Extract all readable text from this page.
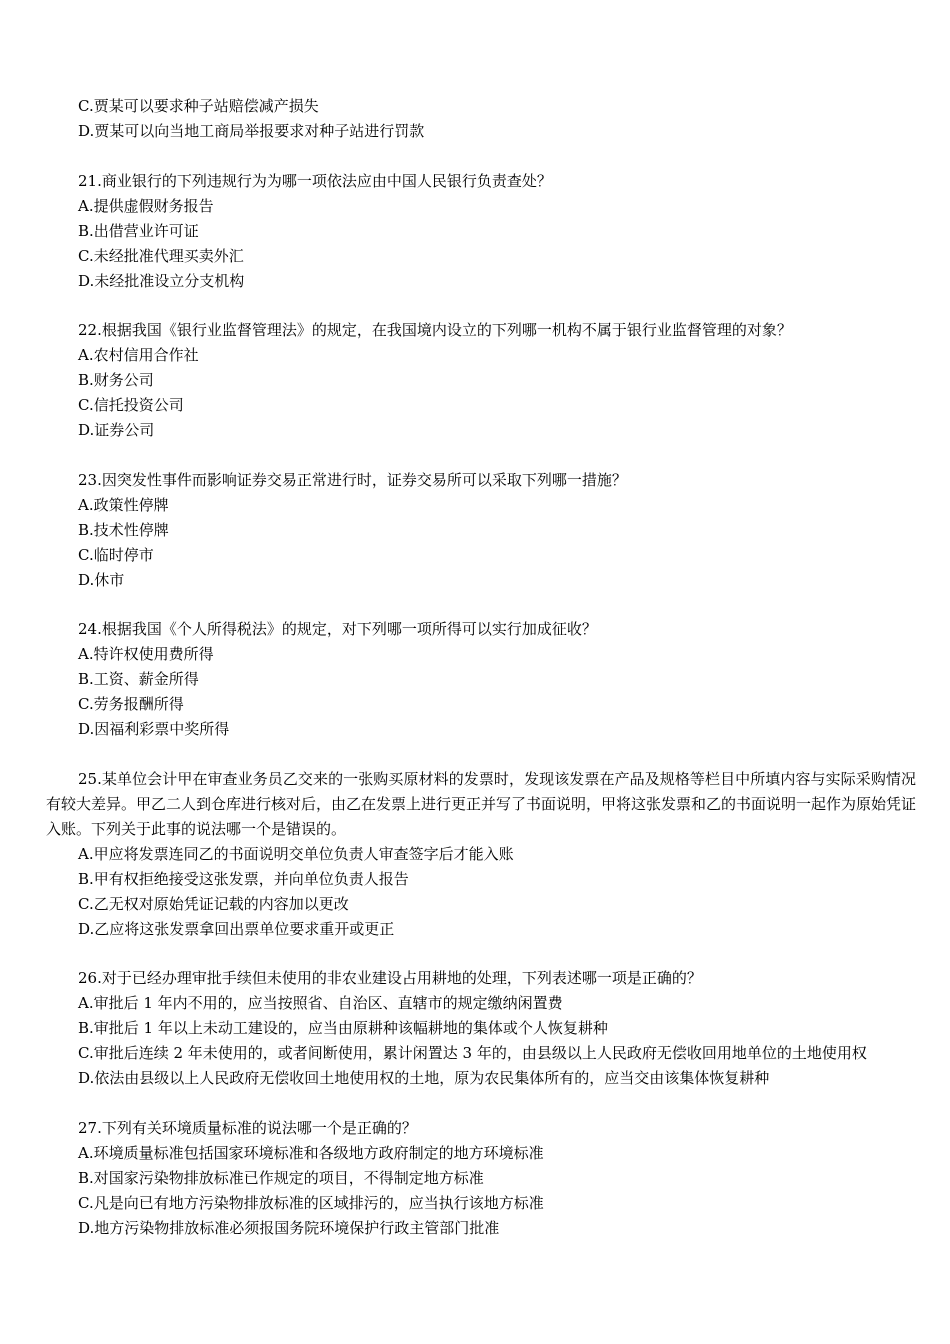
C.贾某可以要求种子站赔偿减产损失
D.贾某可以向当地工商局举报要求对种子站进行罚款
21.商业银行的下列违规行为为哪一项依法应由中国人民银行负责查处？
A.提供虚假财务报告
B.出借营业许可证
C.未经批准代理买卖外汇
D.未经批准设立分支机构
22.根据我国《银行业监督管理法》的规定，在我国境内设立的下列哪一机构不属于银行业监督管理的对象？
A.农村信用合作社
B.财务公司
C.信托投资公司
D.证券公司
23.因突发性事件而影响证券交易正常进行时，证券交易所可以采取下列哪一措施？
A.政策性停牌
B.技术性停牌
C.临时停市
D.休市
24.根据我国《个人所得税法》的规定，对下列哪一项所得可以实行加成征收？
A.特许权使用费所得
B.工资、薪金所得
C.劳务报酬所得
D.因福利彩票中奖所得
25.某单位会计甲在审查业务员乙交来的一张购买原材料的发票时，发现该发票在产品及规格等栏目中所填内容与实际采购情况有较大差异。甲乙二人到仓库进行核对后，由乙在发票上进行更正并写了书面说明，甲将这张发票和乙的书面说明一起作为原始凭证入账。下列关于此事的说法哪一个是错误的。
A.甲应将发票连同乙的书面说明交单位负责人审查签字后才能入账
B.甲有权拒绝接受这张发票，并向单位负责人报告
C.乙无权对原始凭证记载的内容加以更改
D.乙应将这张发票拿回出票单位要求重开或更正
26.对于已经办理审批手续但未使用的非农业建设占用耕地的处理，下列表述哪一项是正确的？
A.审批后 1 年内不用的，应当按照省、自治区、直辖市的规定缴纳闲置费
B.审批后 1 年以上未动工建设的，应当由原耕种该幅耕地的集体或个人恢复耕种
C.审批后连续 2 年未使用的，或者间断使用，累计闲置达 3 年的，由县级以上人民政府无偿收回用地单位的土地使用权
D.依法由县级以上人民政府无偿收回土地使用权的土地，原为农民集体所有的，应当交由该集体恢复耕种
27.下列有关环境质量标准的说法哪一个是正确的？
A.环境质量标准包括国家环境标准和各级地方政府制定的地方环境标准
B.对国家污染物排放标准已作规定的项目，不得制定地方标准
C.凡是向已有地方污染物排放标准的区域排污的，应当执行该地方标准
D.地方污染物排放标准必须报国务院环境保护行政主管部门批准
